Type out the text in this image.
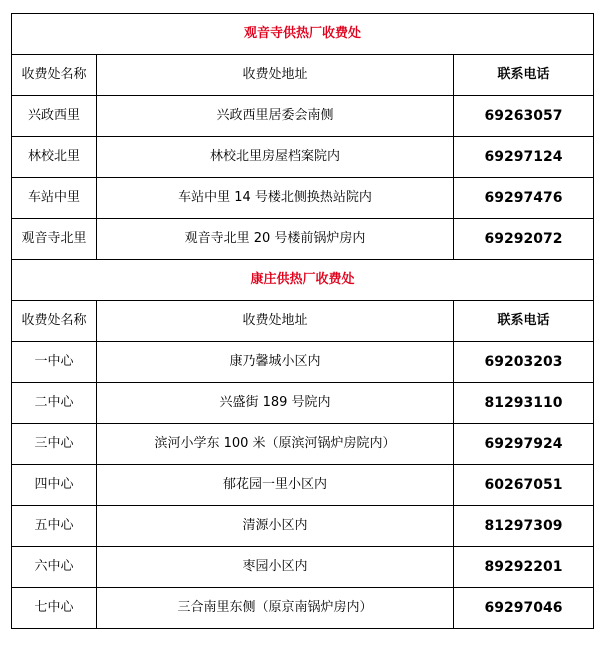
观音寺供热厂收费处		
收费处名称	收费处地址	联系电话
兴政西里	兴政西里居委会南侧	69263057
林校北里	林校北里房屋档案院内	69297124
车站中里	车站中里 14 号楼北侧换热站院内	69297476
观音寺北里	观音寺北里 20 号楼前锅炉房内	69292072
康庄供热厂收费处		
收费处名称	收费处地址	联系电话
一中心	康乃馨城小区内	69203203
二中心	兴盛街 189 号院内	81293110
三中心	滨河小学东 100 米（原滨河锅炉房院内）	69297924
四中心	郁花园一里小区内	60267051
五中心	清源小区内	81297309
六中心	枣园小区内	89292201
七中心	三合南里东侧（原京南锅炉房内）	69297046
